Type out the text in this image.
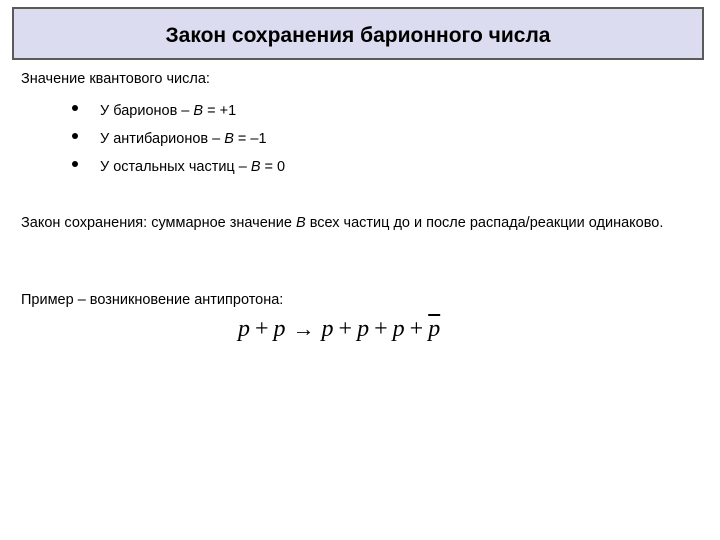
Закон сохранения барионного числа
Значение квантового числа:
У барионов – B = +1
У антибарионов – B = –1
У остальных частиц – B = 0
Закон сохранения: суммарное значение B всех частиц до и после распада/реакции одинаково.
Пример – возникновение антипротона:
$p + p \to p + p + p + \overline{p}$
